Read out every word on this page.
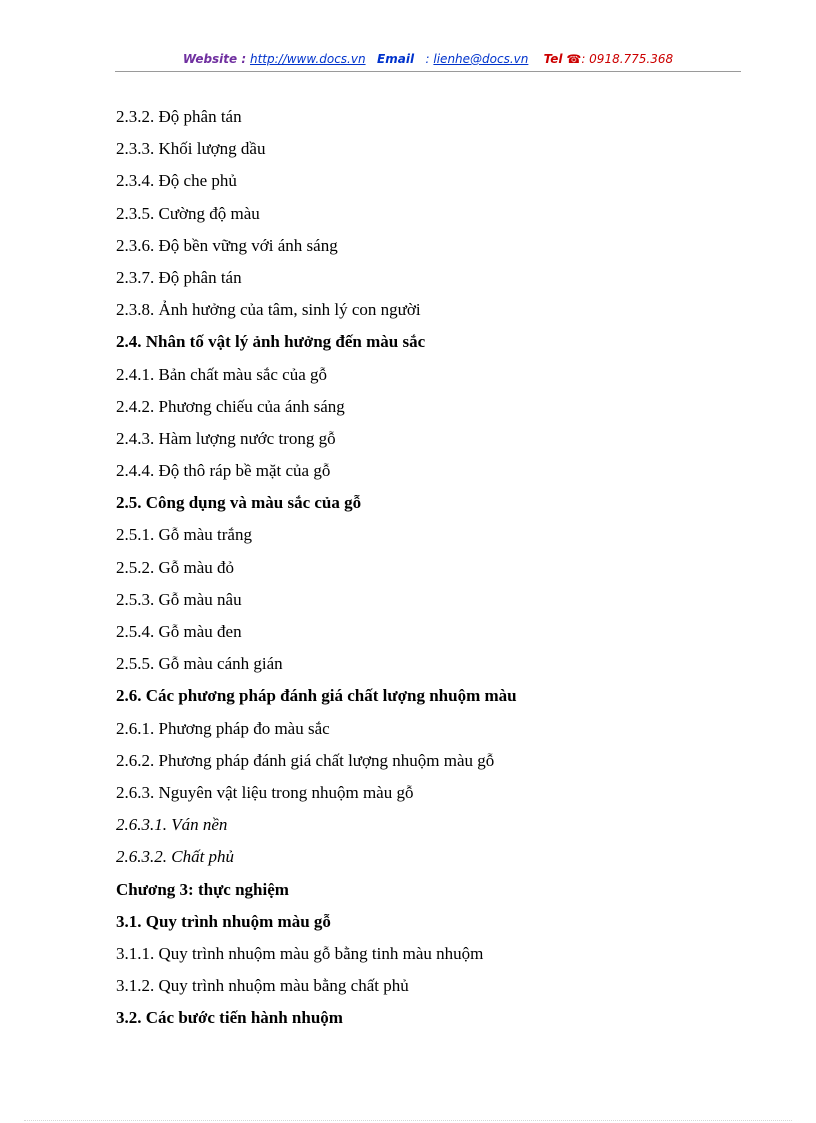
Website : http://www.docs.vn Email : lienhe@docs.vn Tel ☎: 0918.775.368
2.3.2. Độ phân tán
2.3.3. Khối lượng dầu
2.3.4. Độ che phủ
2.3.5. Cường độ màu
2.3.6. Độ bền vững với ánh sáng
2.3.7. Độ phân tán
2.3.8. Ảnh hưởng của tâm, sinh lý con người
2.4. Nhân tố vật lý ảnh hưởng đến màu sắc
2.4.1. Bản chất màu sắc của gỗ
2.4.2. Phương chiếu của ánh sáng
2.4.3. Hàm lượng nước trong gỗ
2.4.4. Độ thô ráp bề mặt của gỗ
2.5. Công dụng và màu sắc của gỗ
2.5.1. Gỗ màu trắng
2.5.2. Gỗ màu đỏ
2.5.3. Gỗ màu nâu
2.5.4. Gỗ màu đen
2.5.5. Gỗ màu cánh gián
2.6. Các phương pháp đánh giá chất lượng nhuộm màu
2.6.1. Phương pháp đo màu sắc
2.6.2. Phương pháp đánh giá chất lượng nhuộm màu gỗ
2.6.3. Nguyên vật liệu trong nhuộm màu gỗ
2.6.3.1. Ván nền
2.6.3.2. Chất phủ
Chương 3: thực nghiệm
3.1. Quy trình nhuộm màu gỗ
3.1.1. Quy trình nhuộm màu gỗ bằng tinh màu nhuộm
3.1.2. Quy trình nhuộm màu bằng chất phủ
3.2. Các bước tiến hành nhuộm
